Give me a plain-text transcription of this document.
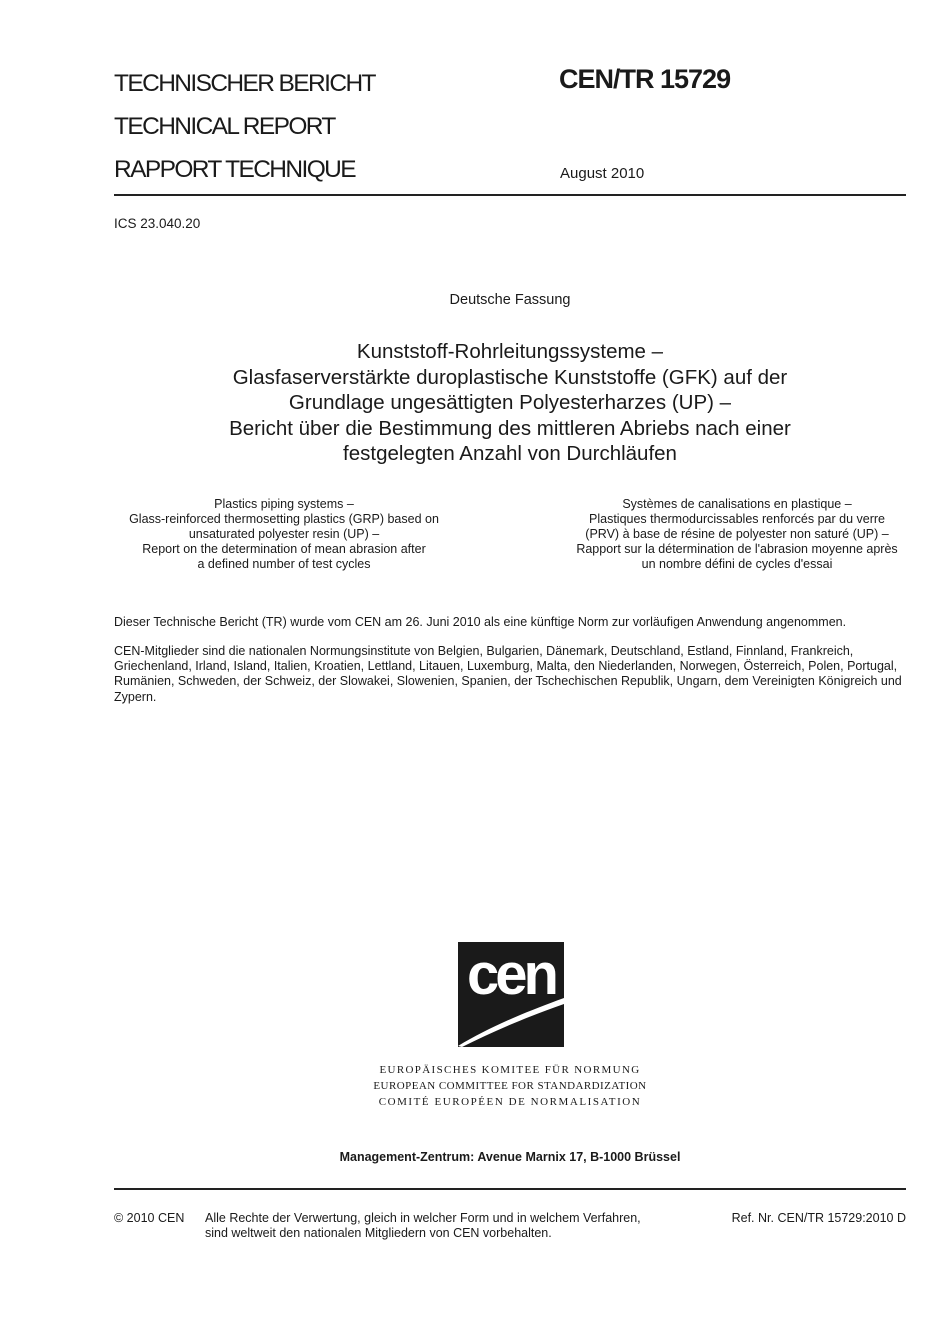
TECHNISCHER BERICHT
TECHNICAL REPORT
RAPPORT TECHNIQUE
CEN/TR 15729
August 2010
ICS 23.040.20
Deutsche Fassung
Kunststoff-Rohrleitungssysteme –
Glasfaserverstärkte duroplastische Kunststoffe (GFK) auf der
Grundlage ungesättigten Polyesterharzes (UP) –
Bericht über die Bestimmung des mittleren Abriebs nach einer
festgelegten Anzahl von Durchläufen
Plastics piping systems –
Glass-reinforced thermosetting plastics (GRP) based on
unsaturated polyester resin (UP) –
Report on the determination of mean abrasion after
a defined number of test cycles
Systèmes de canalisations en plastique –
Plastiques thermodurcissables renforcés par du verre
(PRV) à base de résine de polyester non saturé (UP) –
Rapport sur la détermination de l'abrasion moyenne après
un nombre défini de cycles d'essai
Dieser Technische Bericht (TR) wurde vom CEN am 26. Juni 2010 als eine künftige Norm zur vorläufigen Anwendung angenommen.
CEN-Mitglieder sind die nationalen Normungsinstitute von Belgien, Bulgarien, Dänemark, Deutschland, Estland, Finnland, Frankreich, Griechenland, Irland, Island, Italien, Kroatien, Lettland, Litauen, Luxemburg, Malta, den Niederlanden, Norwegen, Österreich, Polen, Portugal, Rumänien, Schweden, der Schweiz, der Slowakei, Slowenien, Spanien, der Tschechischen Republik, Ungarn, dem Vereinigten Königreich und Zypern.
cen
EUROPÄISCHES KOMITEE FÜR NORMUNG
EUROPEAN COMMITTEE FOR STANDARDIZATION
COMITÉ EUROPÉEN DE NORMALISATION
Management-Zentrum: Avenue Marnix 17, B-1000 Brüssel
© 2010 CEN Alle Rechte der Verwertung, gleich in welcher Form und in welchem Verfahren,
sind weltweit den nationalen Mitgliedern von CEN vorbehalten.
Ref. Nr. CEN/TR 15729:2010 D
